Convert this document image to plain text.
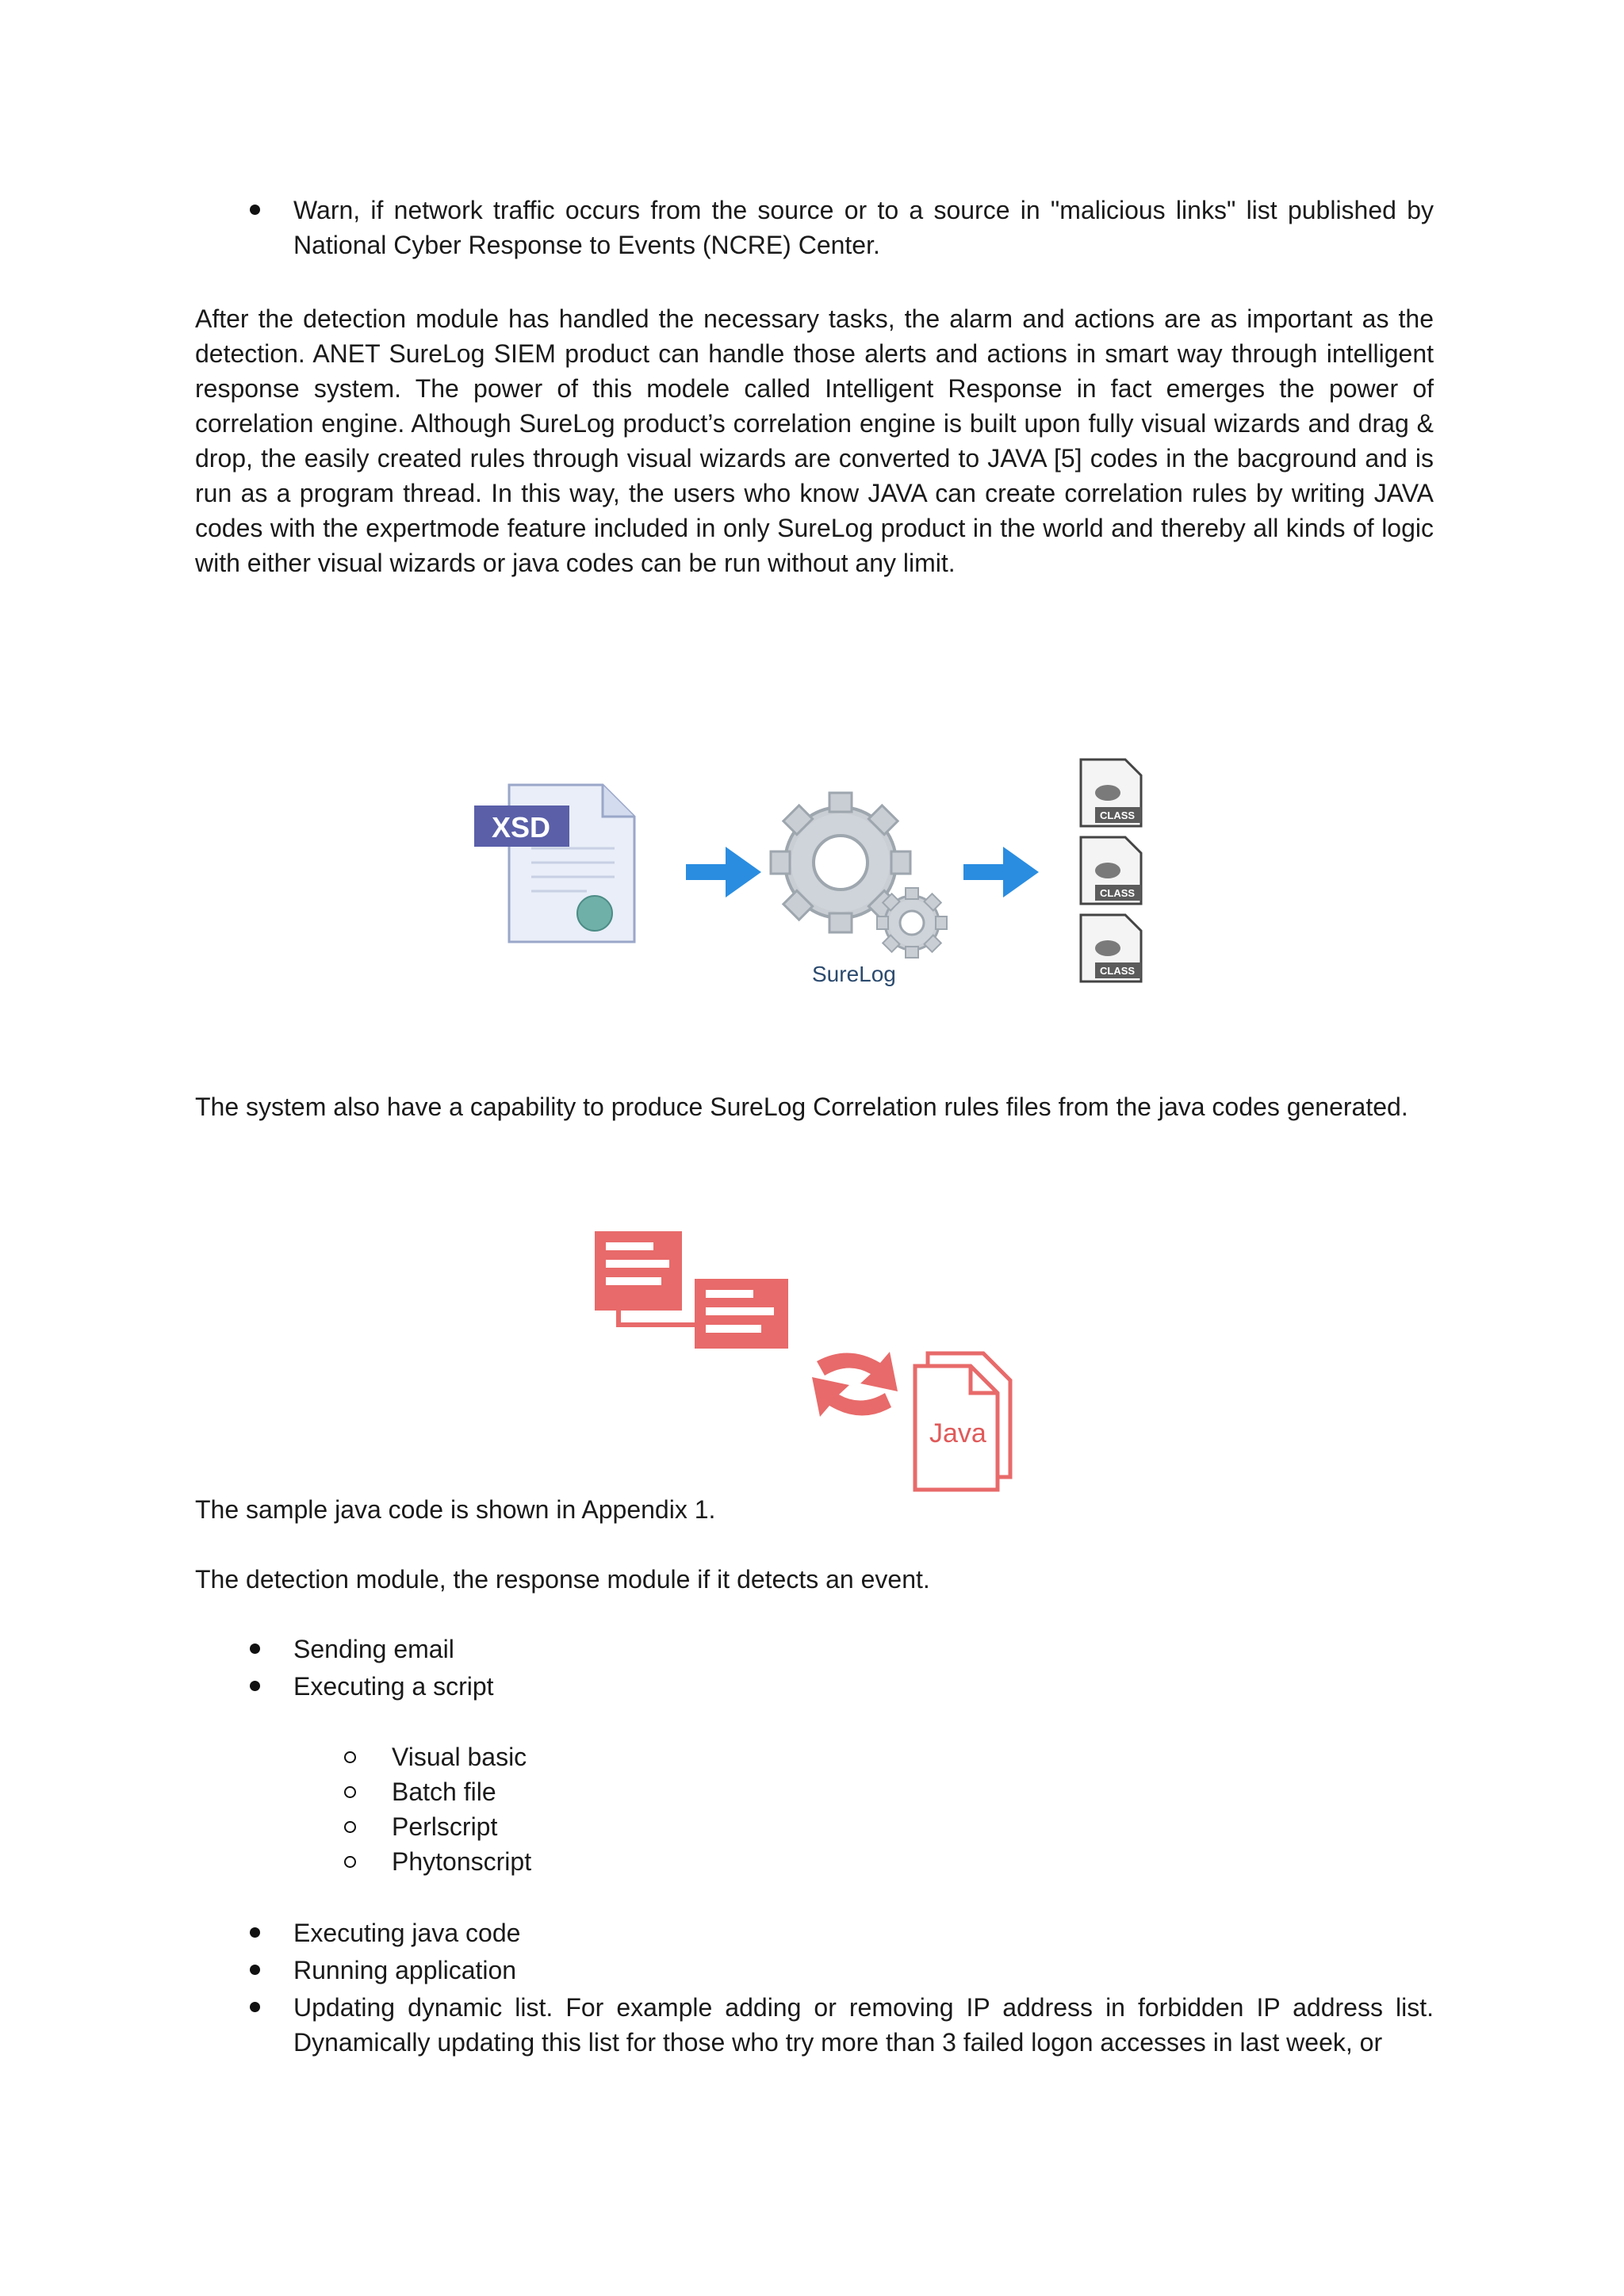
Warn, if network traffic occurs from the source or to a source in "malicious links" list published by National Cyber Response to Events (NCRE) Center.
After the detection module has handled the necessary tasks, the alarm and actions are as important as the detection. ANET SureLog SIEM product can handle those alerts and actions in smart way through intelligent response system. The power of this modele called Intelligent Response in fact emerges the power of correlation engine. Although SureLog product’s correlation engine is built upon fully visual wizards and drag & drop, the easily created rules through visual wizards are converted to JAVA [5] codes in the bacground and is run as a program thread. In this way, the users who know JAVA can create correlation rules by writing JAVA codes with the expertmode feature included in only SureLog product in the world and thereby all kinds of logic with either visual wizards or java codes can be run without any limit.
XSD
SureLog
CLASS
CLASS
CLASS
The system also have a capability to produce SureLog Correlation rules files from the java codes generated.
Java
The sample java code is shown in Appendix 1.
The detection module, the response module if it detects an event.
Sending email
Executing a script
Visual basic
Batch file
Perlscript
Phytonscript
Executing java code
Running application
Updating dynamic list. For example adding or removing IP address in forbidden IP address list. Dynamically updating this list for those who try more than 3 failed logon accesses in last week, or
